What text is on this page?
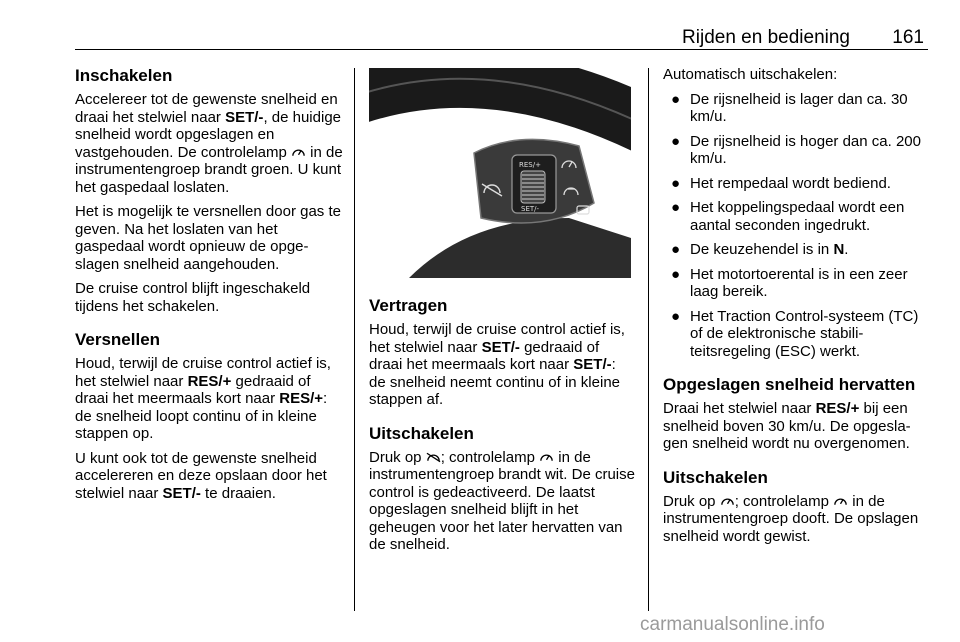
Rijden en bediening 161
Inschakelen

Accelereer tot de gewenste snelheid en draai het stelwiel naar SET/-, de huidige snelheid wordt opgeslagen en vastgehouden. De controlelamp  in de instrumentengroep brandt groen. U kunt het gaspedaal loslaten.

Het is mogelijk te versnellen door gas te geven. Na het loslaten van het gaspedaal wordt opnieuw de opge-slagen snelheid aangehouden.

De cruise control blijft ingeschakeld tijdens het schakelen.

Versnellen

Houd, terwijl de cruise control actief is, het stelwiel naar RES/+ gedraaid of draai het meermaals kort naar RES/+: de snelheid loopt continu of in kleine stappen op.

U kunt ook tot de gewenste snelheid accelereren en deze opslaan door het stelwiel naar SET/- te draaien.

RES/+
SET/-
Vertragen

Houd, terwijl de cruise control actief is, het stelwiel naar SET/- gedraaid of draai het meermaals kort naar SET/-: de snelheid neemt continu of in kleine stappen af.

Uitschakelen

Druk op ; controlelamp  in de instrumentengroep brandt wit. De cruise control is gedeactiveerd. De laatst opgeslagen snelheid blijft in het geheugen voor het later hervatten van de snelheid.

Automatisch uitschakelen:

● De rijsnelheid is lager dan ca. 30 km/u.
● De rijsnelheid is hoger dan ca. 200 km/u.
● Het rempedaal wordt bediend.
● Het koppelingspedaal wordt een aantal seconden ingedrukt.
● De keuzehendel is in N.
● Het motortoerental is in een zeer laag bereik.
● Het Traction Control-systeem (TC) of de elektronische stabili-teitsregeling (ESC) werkt.
Opgeslagen snelheid hervatten

Draai het stelwiel naar RES/+ bij een snelheid boven 30 km/u. De opgesla-gen snelheid wordt nu overgenomen.

Uitschakelen

Druk op ; controlelamp  in de instrumentengroep dooft. De opslagen snelheid wordt gewist.

carmanualsonline.info
